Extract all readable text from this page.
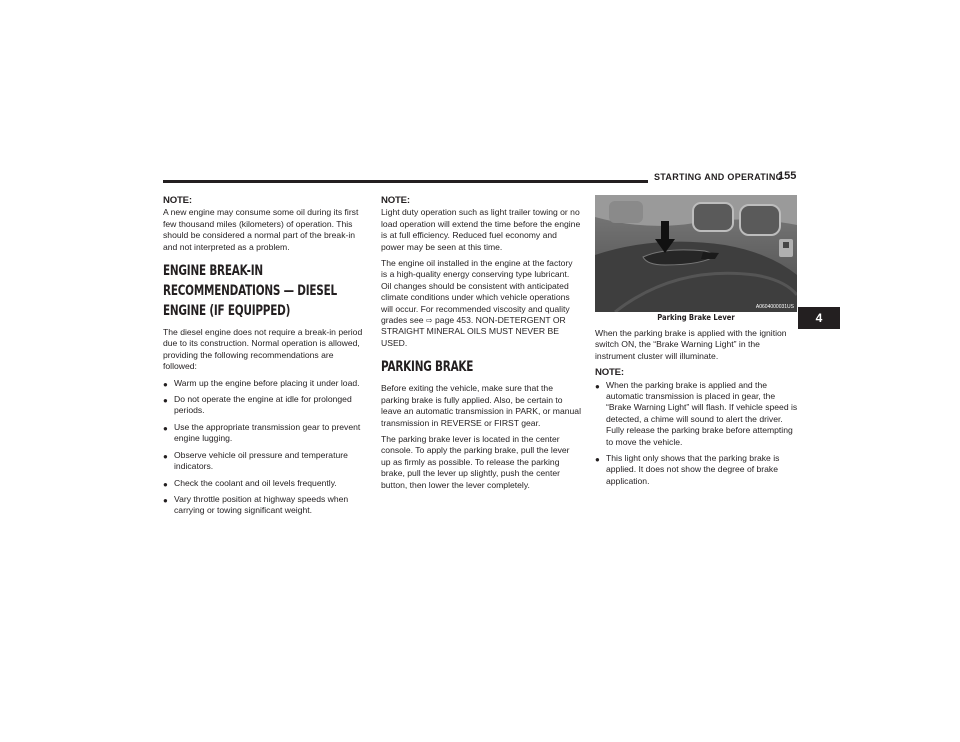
STARTING AND OPERATING
155
4
NOTE:

A new engine may consume some oil during its first few thousand miles (kilometers) of operation. This should be considered a normal part of the break-in and not interpreted as a problem.

ENGINE BREAK-IN RECOMMENDATIONS — DIESEL ENGINE (IF EQUIPPED)

The diesel engine does not require a break-in period due to its construction. Normal operation is allowed, providing the following recommendations are followed:

● Warm up the engine before placing it under load.
● Do not operate the engine at idle for prolonged periods.
● Use the appropriate transmission gear to prevent engine lugging.
● Observe vehicle oil pressure and temperature indicators.
● Check the coolant and oil levels frequently.
● Vary throttle position at highway speeds when carrying or towing significant weight.
NOTE:

Light duty operation such as light trailer towing or no load operation will extend the time before the engine is at full efficiency. Reduced fuel economy and power may be seen at this time.

The engine oil installed in the engine at the factory is a high-quality energy conserving type lubricant. Oil changes should be consistent with anticipated climate conditions under which vehicle operations will occur. For recommended viscosity and quality grades see ⇨ page 453. NON-DETERGENT OR STRAIGHT MINERAL OILS MUST NEVER BE USED.

PARKING BRAKE

Before exiting the vehicle, make sure that the parking brake is fully applied. Also, be certain to leave an automatic transmission in PARK, or manual transmission in REVERSE or FIRST gear.

The parking brake lever is located in the center console. To apply the parking brake, pull the lever up as firmly as possible. To release the parking brake, pull the lever up slightly, push the center button, then lower the lever completely.

A0604000031US
Parking Brake Lever

When the parking brake is applied with the ignition switch ON, the “Brake Warning Light” in the instrument cluster will illuminate.

NOTE:
● When the parking brake is applied and the automatic transmission is placed in gear, the “Brake Warning Light” will flash. If vehicle speed is detected, a chime will sound to alert the driver. Fully release the parking brake before attempting to move the vehicle.
● This light only shows that the parking brake is applied. It does not show the degree of brake application.
